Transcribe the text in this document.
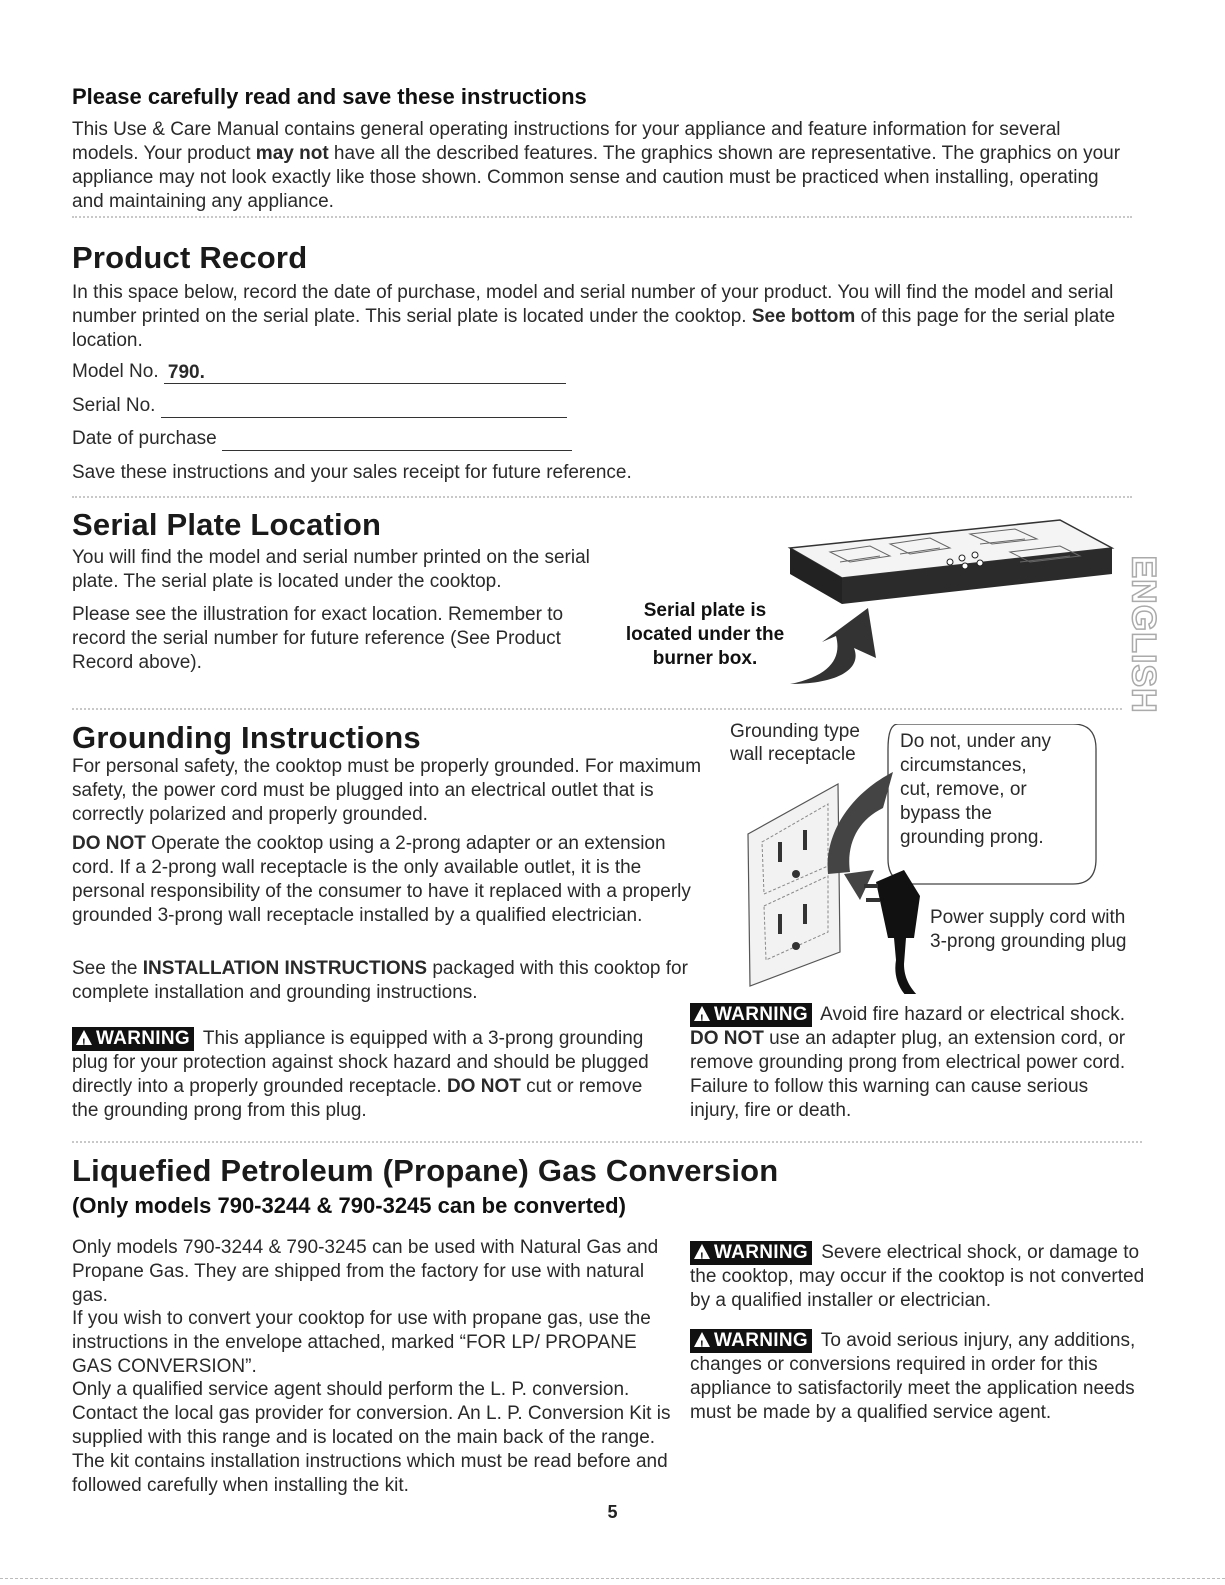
Please carefully read and save these instructions

This Use & Care Manual contains general operating instructions for your appliance and feature information for several models. Your product may not have all the described features. The graphics shown are representative. The graphics on your appliance may not look exactly like those shown. Common sense and caution must be practiced when installing, operating and maintaining any appliance.

Product Record

In this space below, record the date of purchase, model and serial number of your product. You will find the model and serial number printed on the serial plate. This serial plate is located under the cooktop. See bottom of this page for the serial plate location.

Model No. 790.
Serial No.
Date of purchase

Save these instructions and your sales receipt for future reference.

Serial Plate Location

You will find the model and serial number printed on the serial plate. The serial plate is located under the cooktop.

Please see the illustration for exact location. Remember to record the serial number for future reference (See Product Record above).

Serial plate is
located under the
burner box.	ENGLISH
Grounding Instructions

For personal safety, the cooktop must be properly grounded. For maximum safety, the power cord must be plugged into an electrical outlet that is correctly polarized and properly grounded.

DO NOT Operate the cooktop using a 2-prong adapter or an extension cord. If a 2-prong wall receptacle is the only available outlet, it is the personal responsibility of the consumer to have it replaced with a properly grounded 3-prong wall receptacle installed by a qualified electrician.

See the INSTALLATION INSTRUCTIONS packaged with this cooktop for complete installation and grounding instructions.

!WARNING This appliance is equipped with a 3-prong grounding plug for your protection against shock hazard and should be plugged directly into a properly grounded receptacle. DO NOT cut or remove the grounding prong from this plug.

Grounding type
wall receptacle
Do not, under any
circumstances,
cut, remove, or
bypass the
grounding prong.
Power supply cord with
3-prong grounding plug

!WARNING Avoid fire hazard or electrical shock. DO NOT use an adapter plug, an extension cord, or remove grounding prong from electrical power cord. Failure to follow this warning can cause serious injury, fire or death.

Liquefied Petroleum (Propane) Gas Conversion
(Only models 790-3244 & 790-3245 can be converted)

Only models 790-3244 & 790-3245 can be used with Natural Gas and Propane Gas. They are shipped from the factory for use with natural gas.

If you wish to convert your cooktop for use with propane gas, use the instructions in the envelope attached, marked “FOR LP/ PROPANE GAS CONVERSION”.

Only a qualified service agent should perform the L. P. conversion. Contact the local gas provider for conversion. An L. P. Conversion Kit is supplied with this range and is located on the main back of the range. The kit contains installation instructions which must be read before and followed carefully when installing the kit.

!WARNING Severe electrical shock, or damage to the cooktop, may occur if the cooktop is not converted by a qualified installer or electrician.

!WARNING To avoid serious injury, any additions, changes or conversions required in order for this appliance to satisfactorily meet the application needs must be made by a qualified service agent.

5
